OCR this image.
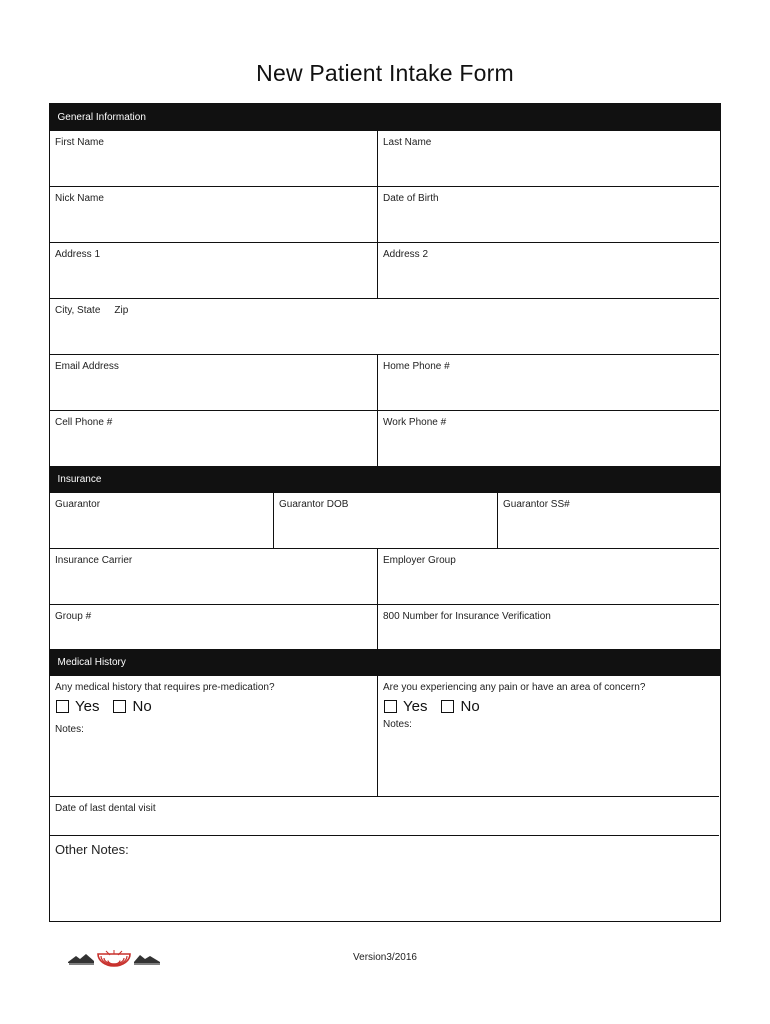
New Patient Intake Form
General Information
First Name	Last Name
Nick Name	Date of Birth
Address 1	Address 2
City, State Zip
Email Address	Home Phone #
Cell Phone #	Work Phone #
Insurance
Guarantor	Guarantor DOB	Guarantor SS#
Insurance Carrier	Employer Group
Group #	800 Number for Insurance Verification
Medical History
Any medical history that requires pre-medication?
Yes No
Notes:
Are you experiencing any pain or have an area of concern?
Yes No
Notes:
Date of last dental visit
Other Notes:
Version3/2016
